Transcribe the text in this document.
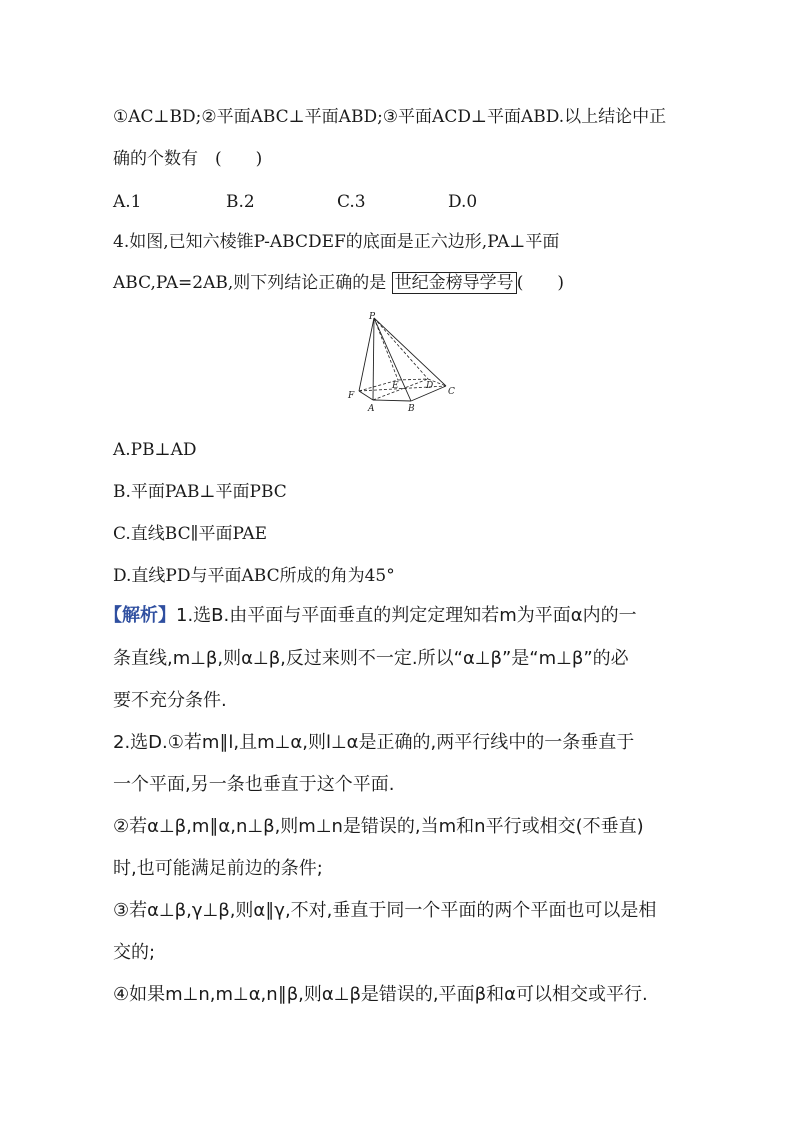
①AC⊥BD;②平面ABC⊥平面ABD;③平面ACD⊥平面ABD.以上结论中正
确的个数有　(　　)
A.1	B.2	C.3	D.0
4.如图,已知六棱锥P-ABCDEF的底面是正六边形,PA⊥平面
ABC,PA=2AB,则下列结论正确的是 世纪金榜导学号 (　　)
P
F
A	B
E	D
C
A.PB⊥AD
B.平面PAB⊥平面PBC
C.直线BC∥平面PAE
D.直线PD与平面ABC所成的角为45°
【解析】1.选B.由平面与平面垂直的判定定理知若m为平面α内的一
条直线,m⊥β,则α⊥β,反过来则不一定.所以“α⊥β”是“m⊥β”的必
要不充分条件.
2.选D.①若m∥l,且m⊥α,则l⊥α是正确的,两平行线中的一条垂直于
一个平面,另一条也垂直于这个平面.
②若α⊥β,m∥α,n⊥β,则m⊥n是错误的,当m和n平行或相交(不垂直)
时,也可能满足前边的条件;
③若α⊥β,γ⊥β,则α∥γ,不对,垂直于同一个平面的两个平面也可以是相
交的;
④如果m⊥n,m⊥α,n∥β,则α⊥β是错误的,平面β和α可以相交或平行.
